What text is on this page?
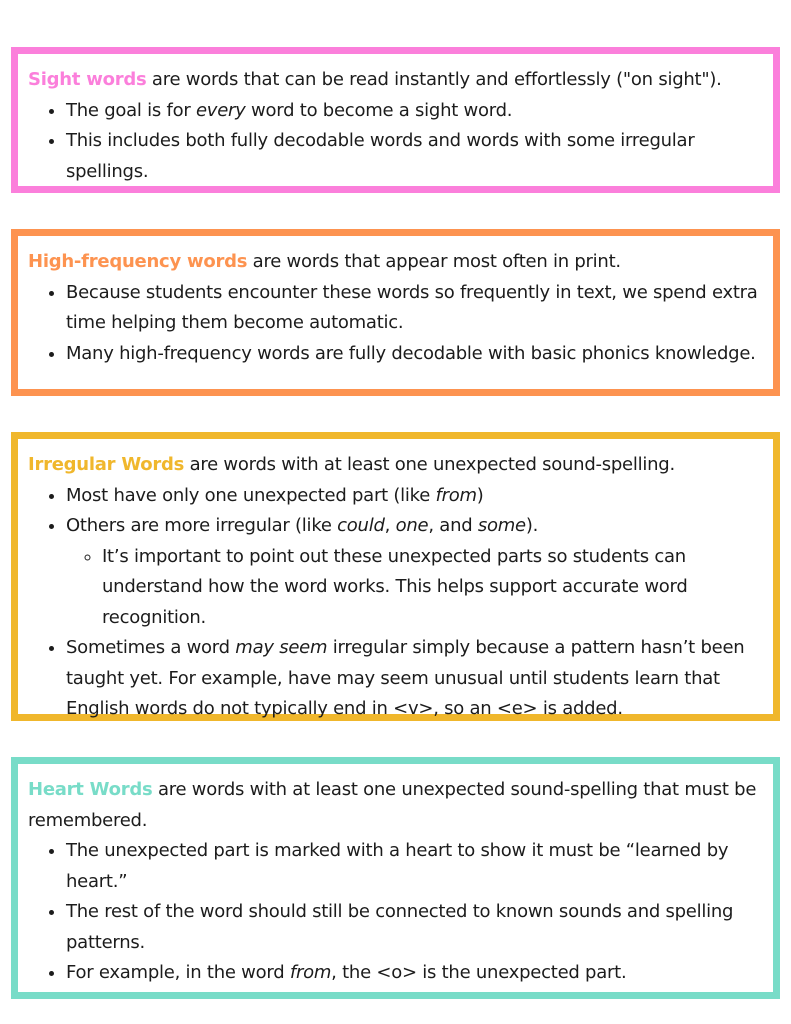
Sight words are words that can be read instantly and effortlessly ("on sight").

• The goal is for every word to become a sight word.
• This includes both fully decodable words and words with some irregular spellings.

High-frequency words are words that appear most often in print.

• Because students encounter these words so frequently in text, we spend extra time helping them become automatic.
• Many high-frequency words are fully decodable with basic phonics knowledge.

Irregular Words are words with at least one unexpected sound-spelling.

• Most have only one unexpected part (like from)
• Others are more irregular (like could, one, and some).
◦ It’s important to point out these unexpected parts so students can understand how the word works. This helps support accurate word recognition.
• Sometimes a word may seem irregular simply because a pattern hasn’t been taught yet. For example, have may seem unusual until students learn that English words do not typically end in <v>, so an <e> is added.

Heart Words are words with at least one unexpected sound-spelling that must be remembered.

• The unexpected part is marked with a heart to show it must be “learned by heart.”
• The rest of the word should still be connected to known sounds and spelling patterns.
• For example, in the word from, the <o> is the unexpected part.
